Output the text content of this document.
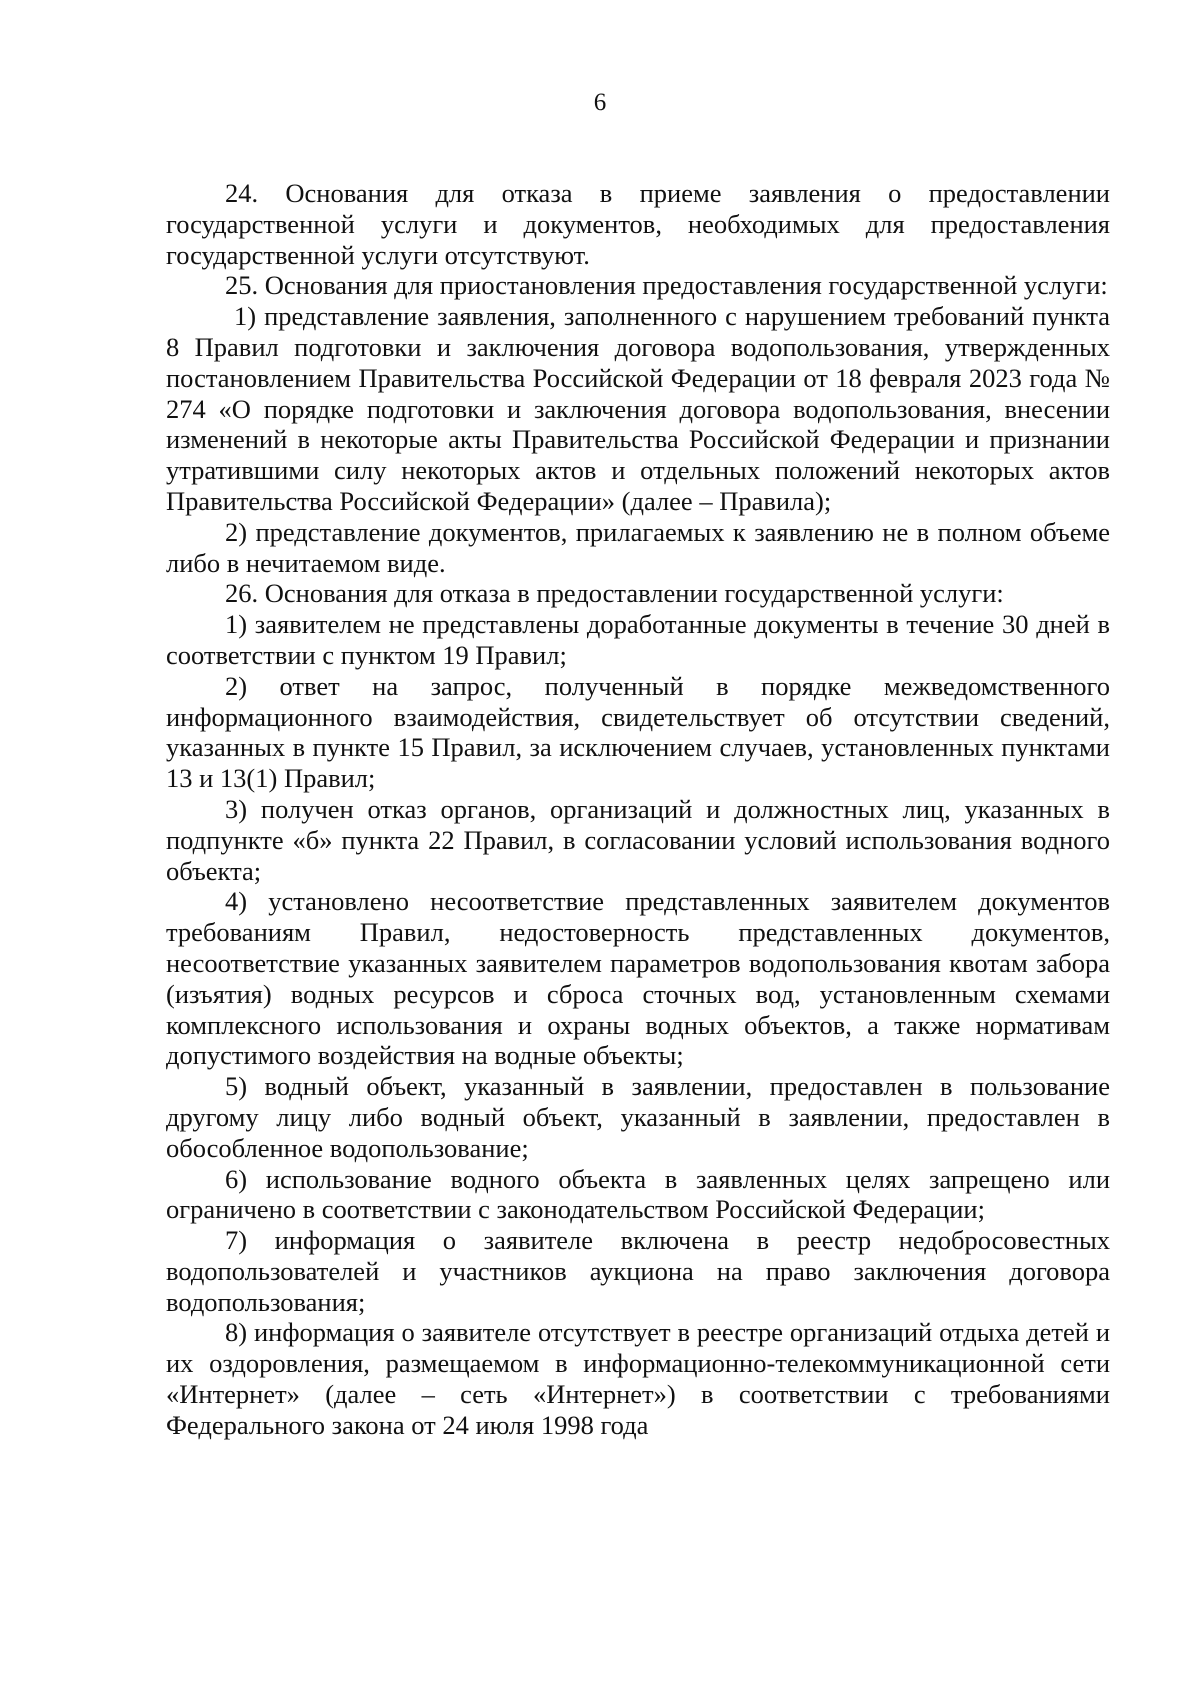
6

24. Основания для отказа в приеме заявления о предоставлении государственной услуги и документов, необходимых для предоставления государственной услуги отсутствуют.

25. Основания для приостановления предоставления государственной услуги:

1) представление заявления, заполненного с нарушением требований пункта 8 Правил подготовки и заключения договора водопользования, утвержденных постановлением Правительства Российской Федерации от 18 февраля 2023 года № 274 «О порядке подготовки и заключения договора водопользования, внесении изменений в некоторые акты Правительства Российской Федерации и признании утратившими силу некоторых актов и отдельных положений некоторых актов Правительства Российской Федерации» (далее – Правила);

2) представление документов, прилагаемых к заявлению не в полном объеме либо в нечитаемом виде.

26. Основания для отказа в предоставлении государственной услуги:

1) заявителем не представлены доработанные документы в течение 30 дней в соответствии с пунктом 19 Правил;

2) ответ на запрос, полученный в порядке межведомственного информационного взаимодействия, свидетельствует об отсутствии сведений, указанных в пункте 15 Правил, за исключением случаев, установленных пунктами 13 и 13(1) Правил;

3) получен отказ органов, организаций и должностных лиц, указанных в подпункте «б» пункта 22 Правил, в согласовании условий использования водного объекта;

4) установлено несоответствие представленных заявителем документов требованиям Правил, недостоверность представленных документов, несоответствие указанных заявителем параметров водопользования квотам забора (изъятия) водных ресурсов и сброса сточных вод, установленным схемами комплексного использования и охраны водных объектов, а также нормативам допустимого воздействия на водные объекты;

5) водный объект, указанный в заявлении, предоставлен в пользование другому лицу либо водный объект, указанный в заявлении, предоставлен в обособленное водопользование;

6) использование водного объекта в заявленных целях запрещено или ограничено в соответствии с законодательством Российской Федерации;

7) информация о заявителе включена в реестр недобросовестных водопользователей и участников аукциона на право заключения договора водопользования;

8) информация о заявителе отсутствует в реестре организаций отдыха детей и их оздоровления, размещаемом в информационно-телекоммуникационной сети «Интернет» (далее – сеть «Интернет») в соответствии с требованиями Федерального закона от 24 июля 1998 года
